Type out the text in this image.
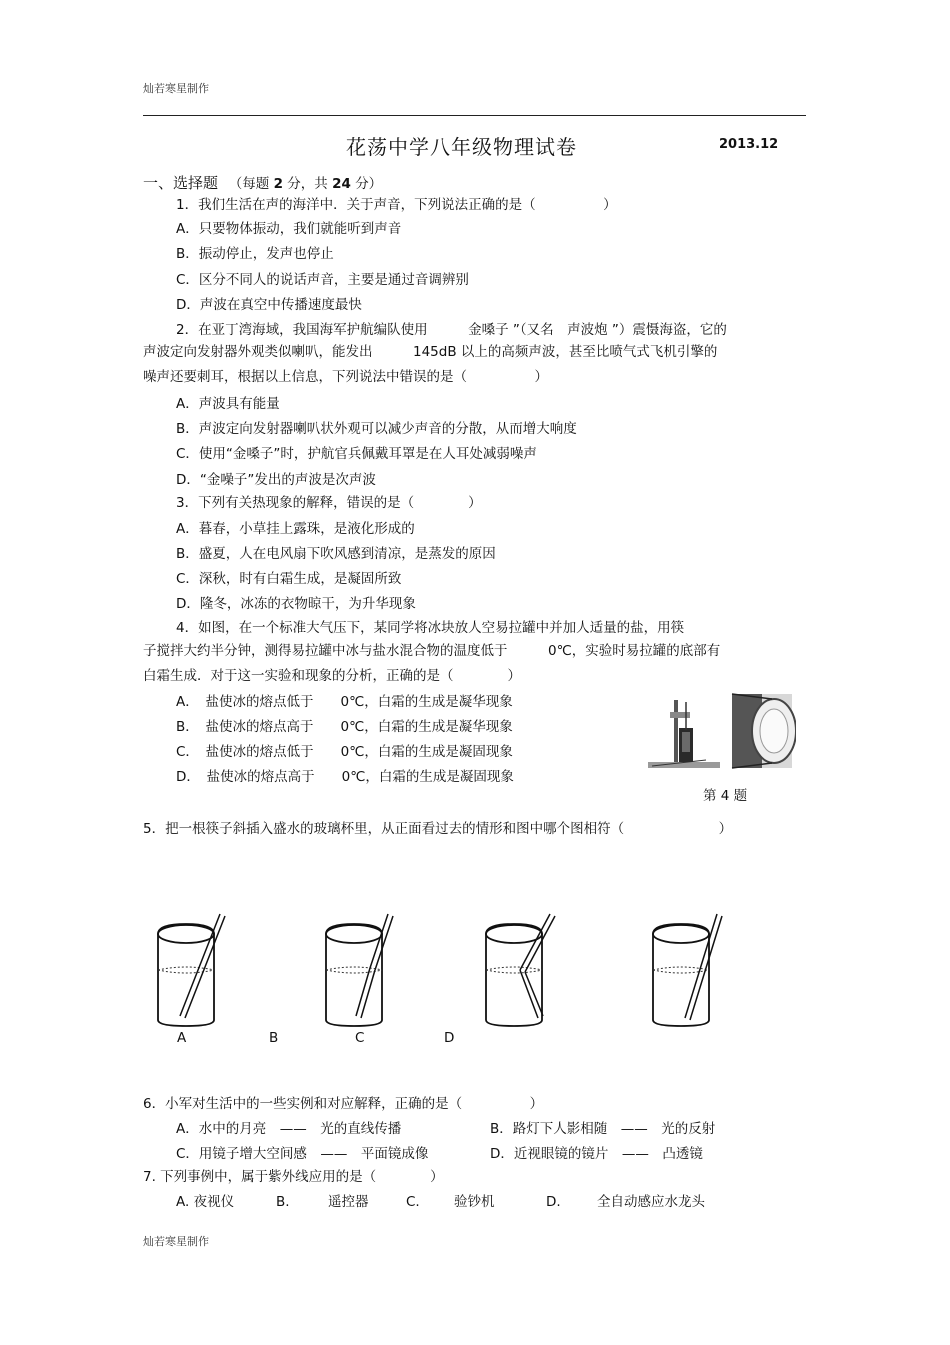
灿若寒星制作
花荡中学八年级物理试卷	2013.12
一、选择题 （每题 2 分，共 24 分）
1．我们生活在声的海洋中．关于声音，下列说法正确的是（　　　　　）
A．只要物体振动，我们就能听到声音
B．振动停止，发声也停止
C．区分不同人的说话声音，主要是通过音调辨别
D．声波在真空中传播速度最快
2．在亚丁湾海域，我国海军护航编队使用　　　金嗓子 ”（又名　声波炮 ”）震慑海盗，它的
声波定向发射器外观类似喇叭，能发出　　　145dB 以上的高频声波，甚至比喷气式飞机引擎的
噪声还要刺耳，根据以上信息，下列说法中错误的是（　　　　　）
A．声波具有能量
B．声波定向发射器喇叭状外观可以减少声音的分散，从而增大响度
C．使用“金嗓子”时，护航官兵佩戴耳罩是在人耳处减弱噪声
D．“金噪子”发出的声波是次声波
3．下列有关热现象的解释，错误的是（　　　　）
A．暮春，小草挂上露珠，是液化形成的
B．盛夏，人在电风扇下吹风感到清凉，是蒸发的原因
C．深秋，时有白霜生成，是凝固所致
D．隆冬，冰冻的衣物晾干，为升华现象
4．如图，在一个标准大气压下，某同学将冰块放人空易拉罐中并加人适量的盐，用筷
子搅拌大约半分钟，测得易拉罐中冰与盐水混合物的温度低于　　　0℃，实验时易拉罐的底部有
白霜生成．对于这一实验和现象的分析，正确的是（　　　　）
A．　盐使冰的熔点低于　　0℃，白霜的生成是凝华现象
B．　盐使冰的熔点高于　　0℃，白霜的生成是凝华现象
C．　盐使冰的熔点低于　　0℃，白霜的生成是凝固现象
D．　盐使冰的熔点高于　　0℃，白霜的生成是凝固现象
第 4 题
5．把一根筷子斜插入盛水的玻璃杯里，从正面看过去的情形和图中哪个图相符（　　　　　　　）
A	B	C	D
6．小军对生活中的一些实例和对应解释，正确的是（　　　　　）
A．水中的月亮　——　光的直线传播	B．路灯下人影相随　——　光的反射
C．用镜子增大空间感　——　平面镜成像	D．近视眼镜的镜片　——　凸透镜
7. 下列事例中，属于紫外线应用的是（　　　　）
A. 夜视仪	B.	遥控器	C.	验钞机	D.	全自动感应水龙头
灿若寒星制作
